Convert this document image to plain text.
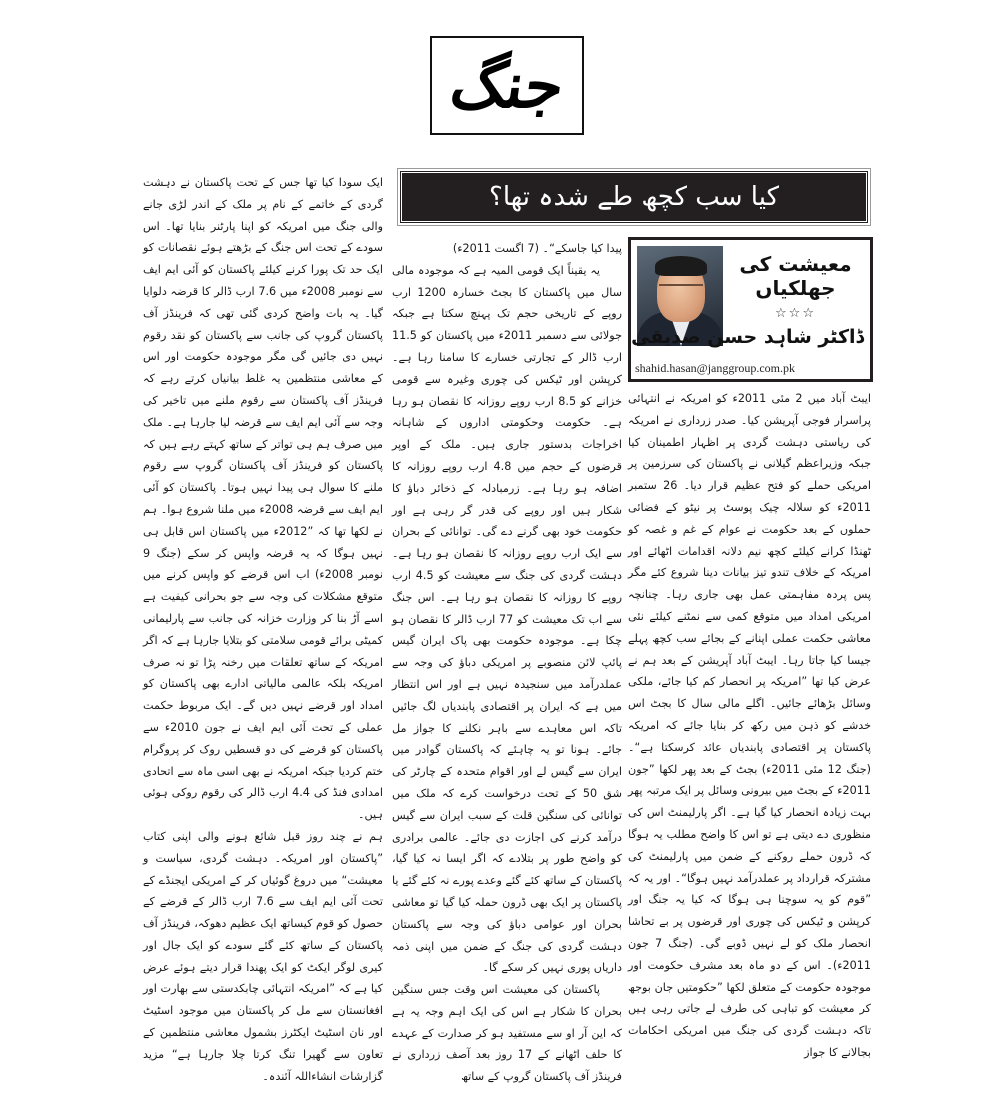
جنگ
کیا سب کچھ طے شدہ تھا؟
معیشت کی جھلکیاں
☆☆☆
ڈاکٹر شاہد حسن صدیقی
shahid.hasan@janggroup.com.pk

ایبٹ آباد میں 2 مئی 2011ء کو امریکہ نے انتہائی پراسرار فوجی آپریشن کیا۔ صدر زرداری نے امریکہ کی ریاستی دہشت گردی پر اظہار اطمینان کیا جبکہ وزیراعظم گیلانی نے پاکستان کی سرزمین پر امریکی حملے کو فتح عظیم قرار دیا۔ 26 ستمبر 2011ء کو سلالہ چیک پوسٹ پر نیٹو کے فضائی حملوں کے بعد حکومت نے عوام کے غم و غصہ کو ٹھنڈا کرانے کیلئے کچھ نیم دلانہ اقدامات اٹھائے اور امریکہ کے خلاف تندو تیز بیانات دینا شروع کئے مگر پس پردہ مفاہمتی عمل بھی جاری رہا۔ چنانچہ امریکی امداد میں متوقع کمی سے نمٹنے کیلئے نئی معاشی حکمت عملی اپنانے کے بجائے سب کچھ پہلے جیسا کیا جاتا رہا۔ ایبٹ آباد آپریشن کے بعد ہم نے عرض کیا تھا ”امریکہ پر انحصار کم کیا جائے، ملکی وسائل بڑھائے جائیں۔ اگلے مالی سال کا بجٹ اس خدشے کو ذہن میں رکھ کر بنایا جائے کہ امریکہ پاکستان پر اقتصادی پابندیاں عائد کرسکتا ہے“۔ (جنگ 12 مئی 2011ء) بجٹ کے بعد پھر لکھا ”جون 2011ء کے بجٹ میں بیرونی وسائل پر ایک مرتبہ پھر بہت زیادہ انحصار کیا گیا ہے۔ اگر پارلیمنٹ اس کی منظوری دے دیتی ہے تو اس کا واضح مطلب یہ ہوگا کہ ڈرون حملے روکنے کے ضمن میں پارلیمنٹ کی مشترکہ قرارداد پر عملدرآمد نہیں ہوگا“۔ اور یہ کہ ”قوم کو یہ سوچنا ہی ہوگا کہ کیا یہ جنگ اور کرپشن و ٹیکس کی چوری اور قرضوں پر بے تحاشا انحصار ملک کو لے نہیں ڈوبے گی۔ (جنگ 7 جون 2011ء)۔ اس کے دو ماہ بعد مشرف حکومت اور موجودہ حکومت کے متعلق لکھا ”حکومتیں جان بوجھ کر معیشت کو تباہی کی طرف لے جاتی رہی ہیں تاکہ دہشت گردی کی جنگ میں امریکی احکامات بجالانے کا جواز

پیدا کیا جاسکے“۔ (7 اگست 2011ء)

یہ یقیناً ایک قومی المیہ ہے کہ موجودہ مالی سال میں پاکستان کا بجٹ خسارہ 1200 ارب روپے کے تاریخی حجم تک پہنچ سکتا ہے جبکہ جولائی سے دسمبر 2011ء میں پاکستان کو 11.5 ارب ڈالر کے تجارتی خسارے کا سامنا رہا ہے۔ کرپشن اور ٹیکس کی چوری وغیرہ سے قومی خزانے کو 8.5 ارب روپے روزانہ کا نقصان ہو رہا ہے۔ حکومت وحکومتی اداروں کے شاہانہ اخراجات بدستور جاری ہیں۔ ملک کے اوپر قرضوں کے حجم میں 4.8 ارب روپے روزانہ کا اضافہ ہو رہا ہے۔ زرمبادلہ کے ذخائر دباؤ کا شکار ہیں اور روپے کی قدر گر رہی ہے اور حکومت خود بھی گرنے دے گی۔ توانائی کے بحران سے ایک ارب روپے روزانہ کا نقصان ہو رہا ہے۔ دہشت گردی کی جنگ سے معیشت کو 4.5 ارب روپے کا روزانہ کا نقصان ہو رہا ہے۔ اس جنگ سے اب تک معیشت کو 77 ارب ڈالر کا نقصان ہو چکا ہے۔ موجودہ حکومت بھی پاک ایران گیس پائپ لائن منصوبے پر امریکی دباؤ کی وجہ سے عملدرآمد میں سنجیدہ نہیں ہے اور اس انتظار میں ہے کہ ایران پر اقتصادی پابندیاں لگ جائیں تاکہ اس معاہدے سے باہر نکلنے کا جواز مل جائے۔ ہونا تو یہ چاہئے کہ پاکستان گوادر میں ایران سے گیس لے اور اقوام متحدہ کے چارٹر کی شق 50 کے تحت درخواست کرے کہ ملک میں توانائی کی سنگین قلت کے سبب ایران سے گیس درآمد کرنے کی اجازت دی جائے۔ عالمی برادری کو واضح طور پر بتلادے کہ اگر ایسا نہ کیا گیا، پاکستان کے ساتھ کئے گئے وعدے پورے نہ کئے گئے یا پاکستان پر ایک بھی ڈرون حملہ کیا گیا تو معاشی بحران اور عوامی دباؤ کی وجہ سے پاکستان دہشت گردی کی جنگ کے ضمن میں اپنی ذمہ داریاں پوری نہیں کر سکے گا۔

پاکستان کی معیشت اس وقت جس سنگین بحران کا شکار ہے اس کی ایک اہم وجہ یہ ہے کہ این آر او سے مستفید ہو کر صدارت کے عہدے کا حلف اٹھانے کے 17 روز بعد آصف زرداری نے فرینڈز آف پاکستان گروپ کے ساتھ

ایک سودا کیا تھا جس کے تحت پاکستان نے دہشت گردی کے خاتمے کے نام پر ملک کے اندر لڑی جانے والی جنگ میں امریکہ کو اپنا پارٹنر بنایا تھا۔ اس سودے کے تحت اس جنگ کے بڑھتے ہوئے نقصانات کو ایک حد تک پورا کرنے کیلئے پاکستان کو آئی ایم ایف سے نومبر 2008ء میں 7.6 ارب ڈالر کا قرضہ دلوایا گیا۔ یہ بات واضح کردی گئی تھی کہ فرینڈز آف پاکستان گروپ کی جانب سے پاکستان کو نقد رقوم نہیں دی جائیں گی مگر موجودہ حکومت اور اس کے معاشی منتظمین یہ غلط بیانیاں کرتے رہے کہ فرینڈز آف پاکستان سے رقوم ملنے میں تاخیر کی وجہ سے آئی ایم ایف سے قرضہ لیا جارہا ہے۔ ملک میں صرف ہم ہی تواتر کے ساتھ کہتے رہے ہیں کہ پاکستان کو فرینڈز آف پاکستان گروپ سے رقوم ملنے کا سوال ہی پیدا نہیں ہوتا۔ پاکستان کو آئی ایم ایف سے قرضہ 2008ء میں ملنا شروع ہوا۔ ہم نے لکھا تھا کہ ”2012ء میں پاکستان اس قابل ہی نہیں ہوگا کہ یہ قرضہ واپس کر سکے (جنگ 9 نومبر 2008ء) اب اس قرضے کو واپس کرنے میں متوقع مشکلات کی وجہ سے جو بحرانی کیفیت ہے اسے آڑ بنا کر وزارت خزانہ کی جانب سے پارلیمانی کمیٹی برائے قومی سلامتی کو بتلایا جارہا ہے کہ اگر امریکہ کے ساتھ تعلقات میں رخنہ پڑا تو نہ صرف امریکہ بلکہ عالمی مالیاتی ادارے بھی پاکستان کو امداد اور قرضے نہیں دیں گے۔ ایک مربوط حکمت عملی کے تحت آئی ایم ایف نے جون 2010ء سے پاکستان کو قرضے کی دو قسطیں روک کر پروگرام ختم کردیا جبکہ امریکہ نے بھی اسی ماہ سے اتحادی امدادی فنڈ کی 4.4 ارب ڈالر کی رقوم روکی ہوئی ہیں۔

ہم نے چند روز قبل شائع ہونے والی اپنی کتاب ”پاکستان اور امریکہ۔ دہشت گردی، سیاست و معیشت“ میں دروغ گوئیاں کر کے امریکی ایجنڈے کے تحت آئی ایم ایف سے 7.6 ارب ڈالر کے قرضے کے حصول کو قوم کیساتھ ایک عظیم دھوکہ، فرینڈز آف پاکستان کے ساتھ کئے گئے سودے کو ایک جال اور کیری لوگر ایکٹ کو ایک پھندا قرار دیتے ہوئے عرض کیا ہے کہ ”امریکہ انتہائی چابکدستی سے بھارت اور افغانستان سے مل کر پاکستان میں موجود اسٹیٹ اور نان اسٹیٹ ایکٹرز بشمول معاشی منتظمین کے تعاون سے گھیرا تنگ کرتا چلا جارہا ہے“ مزید گزارشات انشاءاللہ آئندہ۔
